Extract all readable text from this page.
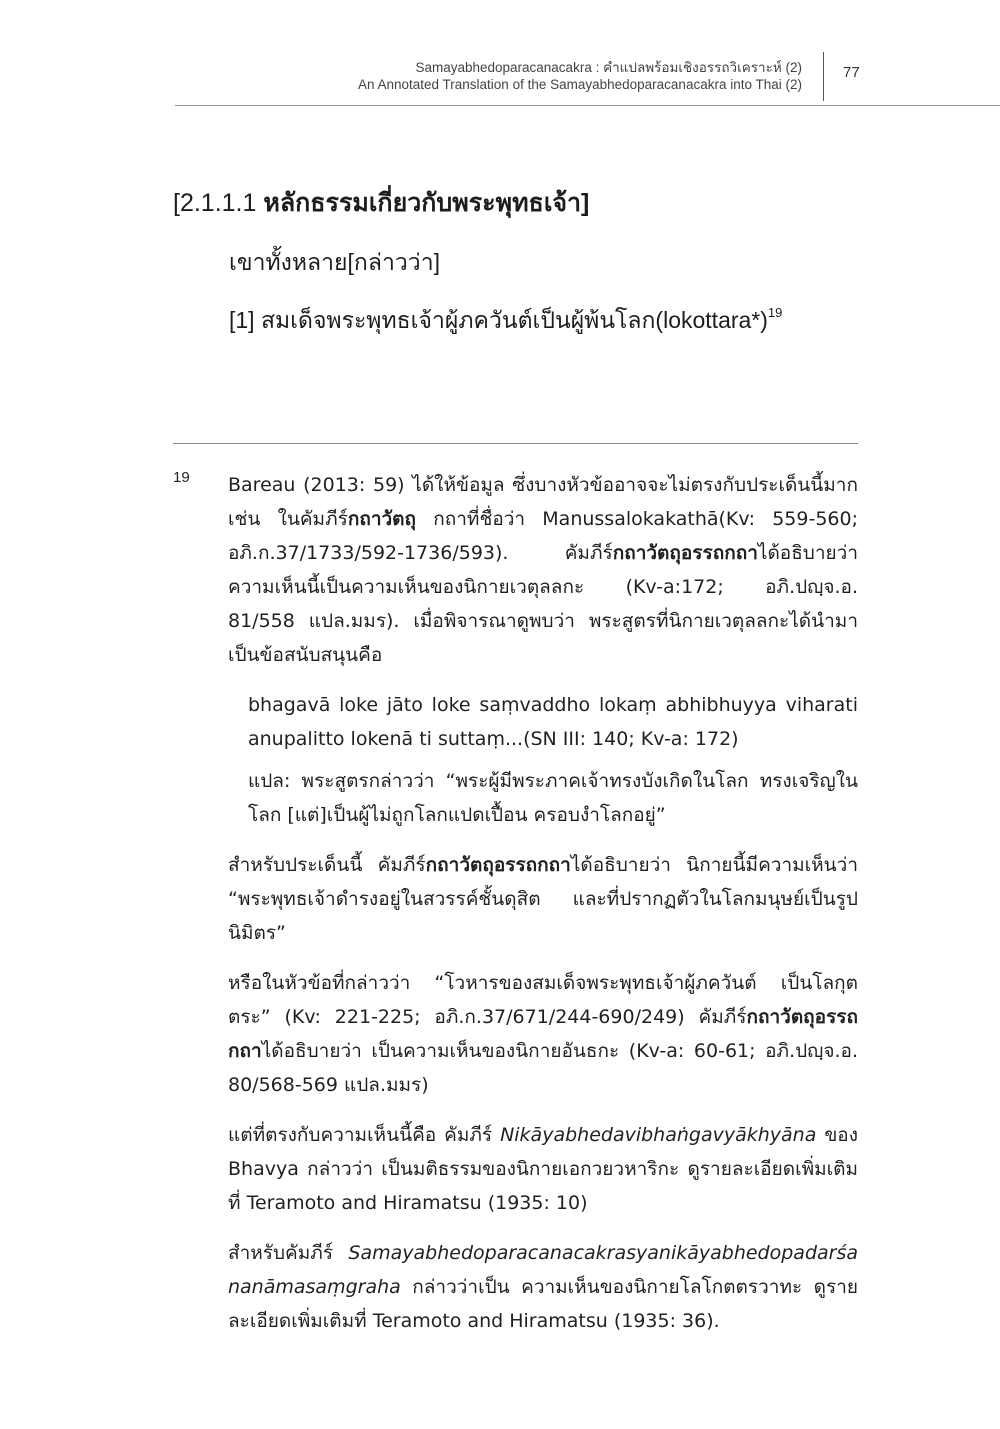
Samayabhedoparacanacakra : คำแปลพร้อมเชิงอรรถวิเคราะห์ (2)
An Annotated Translation of the Samayabhedoparacanacakra into Thai (2)
77
[2.1.1.1 หลักธรรมเกี่ยวกับพระพุทธเจ้า]
เขาทั้งหลาย[กล่าวว่า]
[1] สมเด็จพระพุทธเจ้าผู้ภควันต์เป็นผู้พ้นโลก(lokottara*)$^{19}$
19 Bareau (2013: 59) ได้ให้ข้อมูล ซึ่งบางหัวข้ออาจจะไม่ตรงกับประเด็นนี้มาก เช่น ในคัมภีร์กถาวัตถุ กถาที่ชื่อว่า Manussalokakathā(Kv: 559-560; อภิ.ก.37/1733/592-1736/593). คัมภีร์กถาวัตถุอรรถกถาได้อธิบายว่า ความเห็นนี้เป็นความเห็นของนิกายเวตุลลกะ (Kv-a:172; อภิ.ปญฺจ.อ. 81/558 แปล.มมร). เมื่อพิจารณาดูพบว่า พระสูตรที่นิกายเวตุลลกะได้นำมาเป็นข้อสนับสนุนคือ

bhagavā loke jāto loke saṃvaddho lokaṃ abhibhuyya viharati anupalitto lokenā ti suttaṃ...(SN III: 140; Kv-a: 172)

แปล: พระสูตรกล่าวว่า “พระผู้มีพระภาคเจ้าทรงบังเกิดในโลก ทรงเจริญในโลก [แต่]เป็นผู้ไม่ถูกโลกแปดเปื้อน ครอบงำโลกอยู่”

สำหรับประเด็นนี้ คัมภีร์กถาวัตถุอรรถกถาได้อธิบายว่า นิกายนี้มีความเห็นว่า “พระพุทธเจ้าดำรงอยู่ในสวรรค์ชั้นดุสิต และที่ปรากฏตัวในโลกมนุษย์เป็นรูปนิมิตร”

หรือในหัวข้อที่กล่าวว่า “โวหารของสมเด็จพระพุทธเจ้าผู้ภควันต์ เป็นโลกุตตระ” (Kv: 221-225; อภิ.ก.37/671/244-690/249) คัมภีร์กถาวัตถุอรรถกถาได้อธิบายว่า เป็นความเห็นของนิกายอันธกะ (Kv-a: 60-61; อภิ.ปญฺจ.อ. 80/568-569 แปล.มมร)

แต่ที่ตรงกับความเห็นนี้คือ คัมภีร์ Nikāyabhedavibhaṅgavyākhyāna ของ Bhavya กล่าวว่า เป็นมติธรรมของนิกายเอกวยวหาริกะ ดูรายละเอียดเพิ่มเติมที่ Teramoto and Hiramatsu (1935: 10)

สำหรับคัมภีร์ Samayabhedoparacanacakrasyanikāyabhedopadarśananāmasaṃgraha กล่าวว่าเป็น ความเห็นของนิกายโลโกตตรวาทะ ดูรายละเอียดเพิ่มเติมที่ Teramoto and Hiramatsu (1935: 36).
